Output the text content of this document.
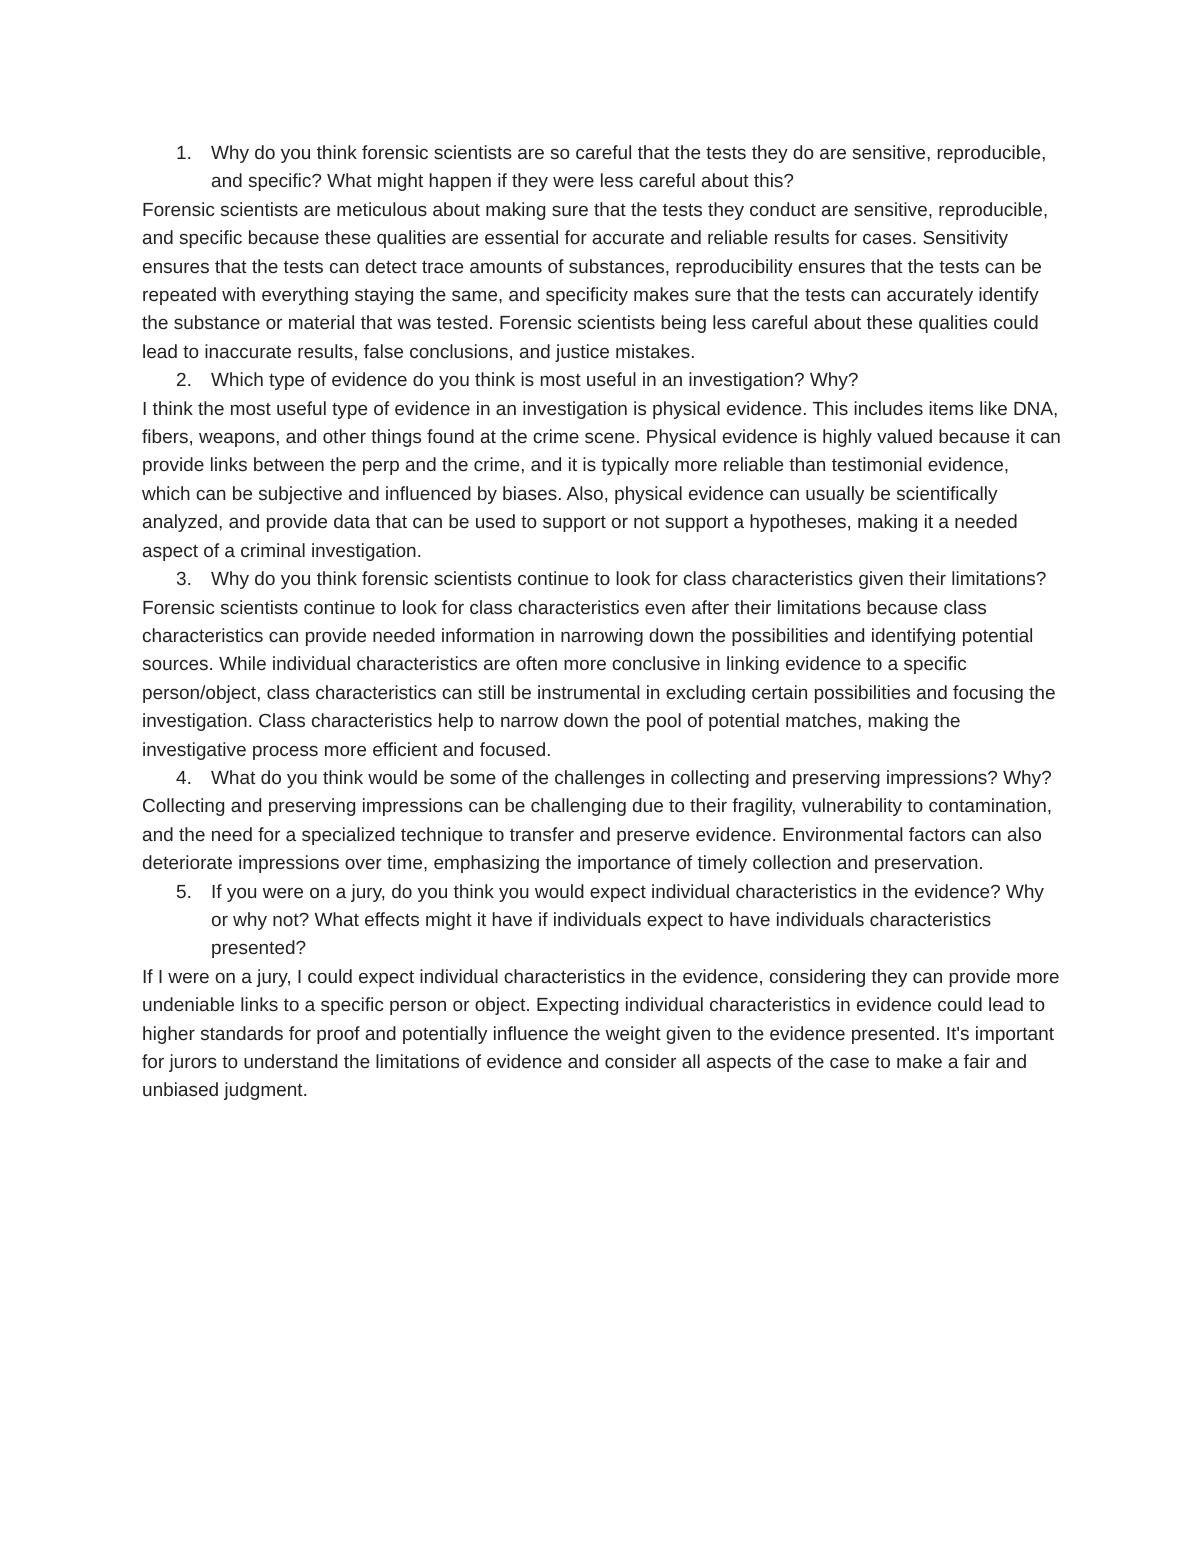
1. Why do you think forensic scientists are so careful that the tests they do are sensitive, reproducible, and specific? What might happen if they were less careful about this?
Forensic scientists are meticulous about making sure that the tests they conduct are sensitive, reproducible, and specific because these qualities are essential for accurate and reliable results for cases. Sensitivity ensures that the tests can detect trace amounts of substances, reproducibility ensures that the tests can be repeated with everything staying the same, and specificity makes sure that the tests can accurately identify the substance or material that was tested. Forensic scientists being less careful about these qualities could lead to inaccurate results, false conclusions, and justice mistakes.
2. Which type of evidence do you think is most useful in an investigation? Why?
I think the most useful type of evidence in an investigation is physical evidence. This includes items like DNA, fibers, weapons, and other things found at the crime scene. Physical evidence is highly valued because it can provide links between the perp and the crime, and it is typically more reliable than testimonial evidence, which can be subjective and influenced by biases. Also, physical evidence can usually be scientifically analyzed, and provide data that can be used to support or not support a hypotheses, making it a needed aspect of a criminal investigation.
3. Why do you think forensic scientists continue to look for class characteristics given their limitations?
Forensic scientists continue to look for class characteristics even after their limitations because class characteristics can provide needed information in narrowing down the possibilities and identifying potential sources. While individual characteristics are often more conclusive in linking evidence to a specific person/object, class characteristics can still be instrumental in excluding certain possibilities and focusing the investigation. Class characteristics help to narrow down the pool of potential matches, making the investigative process more efficient and focused.
4. What do you think would be some of the challenges in collecting and preserving impressions? Why?
Collecting and preserving impressions can be challenging due to their fragility, vulnerability to contamination, and the need for a specialized technique to transfer and preserve evidence. Environmental factors can also deteriorate impressions over time, emphasizing the importance of timely collection and preservation.
5. If you were on a jury, do you think you would expect individual characteristics in the evidence? Why or why not? What effects might it have if individuals expect to have individuals characteristics presented?
If I were on a jury, I could expect individual characteristics in the evidence, considering they can provide more undeniable links to a specific person or object. Expecting individual characteristics in evidence could lead to higher standards for proof and potentially influence the weight given to the evidence presented. It's important for jurors to understand the limitations of evidence and consider all aspects of the case to make a fair and unbiased judgment.
